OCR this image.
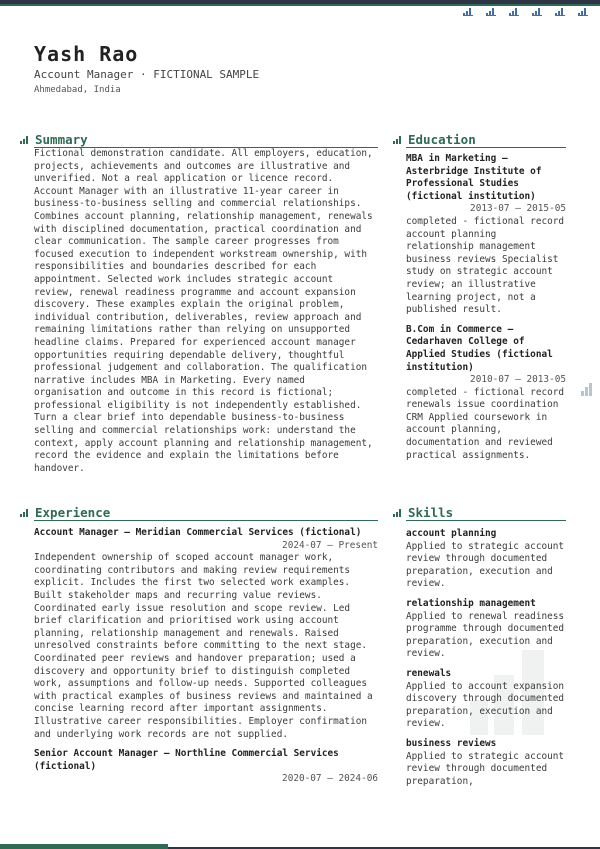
Yash Rao
Account Manager · FICTIONAL SAMPLE
Ahmedabad, India
Summary
Fictional demonstration candidate. All employers, education, projects, achievements and outcomes are illustrative and unverified. Not a real application or licence record. Account Manager with an illustrative 11-year career in business-to-business selling and commercial relationships. Combines account planning, relationship management, renewals with disciplined documentation, practical coordination and clear communication. The sample career progresses from focused execution to independent workstream ownership, with responsibilities and boundaries described for each appointment. Selected work includes strategic account review, renewal readiness programme and account expansion discovery. These examples explain the original problem, individual contribution, deliverables, review approach and remaining limitations rather than relying on unsupported headline claims. Prepared for experienced account manager opportunities requiring dependable delivery, thoughtful professional judgement and collaboration. The qualification narrative includes MBA in Marketing. Every named organisation and outcome in this record is fictional; professional eligibility is not independently established. Turn a clear brief into dependable business-to-business selling and commercial relationships work: understand the context, apply account planning and relationship management, record the evidence and explain the limitations before handover.
Education
MBA in Marketing — Asterbridge Institute of Professional Studies (fictional institution)
2013-07 – 2015-05
completed - fictional record account planning relationship management business reviews Specialist study on strategic account review; an illustrative learning project, not a published result.
B.Com in Commerce — Cedarhaven College of Applied Studies (fictional institution)
2010-07 – 2013-05
completed - fictional record renewals issue coordination CRM Applied coursework in account planning, documentation and reviewed practical assignments.
Experience
Account Manager — Meridian Commercial Services (fictional)
2024-07 – Present
Independent ownership of scoped account manager work, coordinating contributors and making review requirements explicit. Includes the first two selected work examples. Built stakeholder maps and recurring value reviews. Coordinated early issue resolution and scope review. Led brief clarification and prioritised work using account planning, relationship management and renewals. Raised unresolved constraints before committing to the next stage. Coordinated peer reviews and handover preparation; used a discovery and opportunity brief to distinguish completed work, assumptions and follow-up needs. Supported colleagues with practical examples of business reviews and maintained a concise learning record after important assignments. Illustrative career responsibilities. Employer confirmation and underlying work records are not supplied.
Senior Account Manager — Northline Commercial Services (fictional)
2020-07 – 2024-06
Skills
account planning
Applied to strategic account review through documented preparation, execution and review.
relationship management
Applied to renewal readiness programme through documented preparation, execution and review.
renewals
Applied to account expansion discovery through documented preparation, execution and review.
business reviews
Applied to strategic account review through documented preparation,
